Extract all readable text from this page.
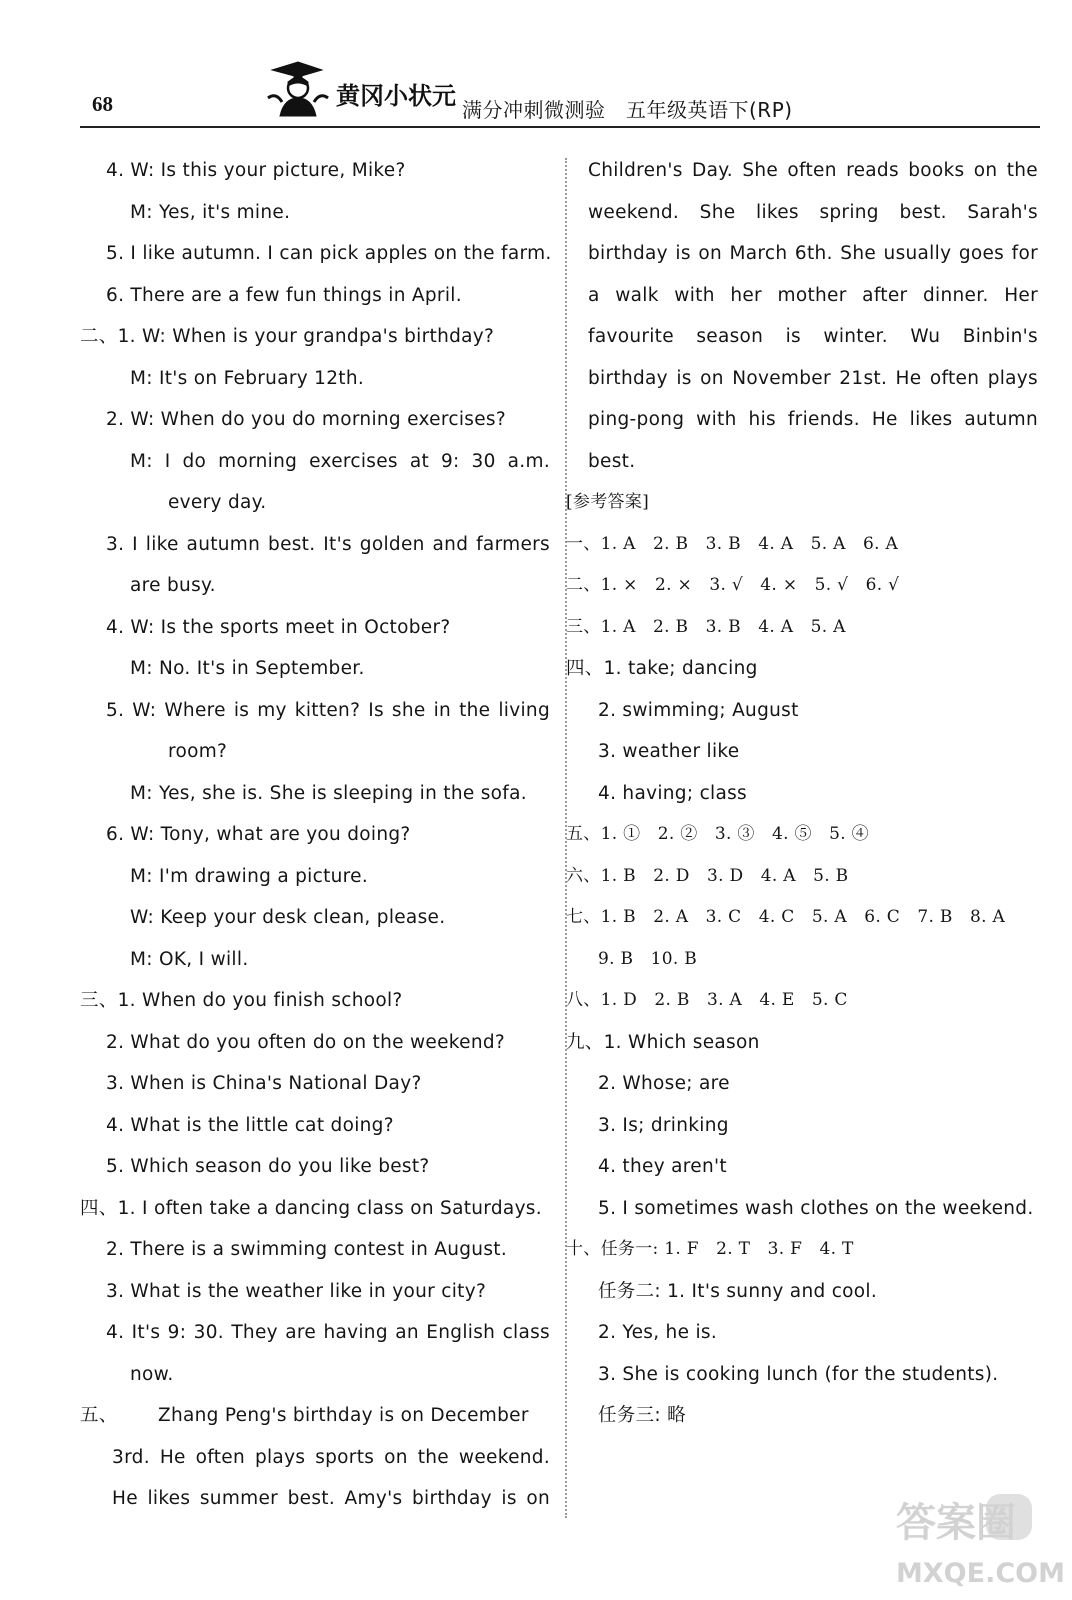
68	黄冈小状元 满分冲刺微测验　五年级英语下(RP)
4. W: Is this your picture, Mike?
M: Yes, it's mine.
5. I like autumn. I can pick apples on the farm.
6. There are a few fun things in April.
二、1. W: When is your grandpa's birthday?
M: It's on February 12th.
2. W: When do you do morning exercises?
M: I do morning exercises at 9: 30 a.m.
every day.
3. I like autumn best. It's golden and farmers
are busy.
4. W: Is the sports meet in October?
M: No. It's in September.
5. W: Where is my kitten? Is she in the living
room?
M: Yes, she is. She is sleeping in the sofa.
6. W: Tony, what are you doing?
M: I'm drawing a picture.
W: Keep your desk clean, please.
M: OK, I will.
三、1. When do you finish school?
2. What do you often do on the weekend?
3. When is China's National Day?
4. What is the little cat doing?
5. Which season do you like best?
四、1. I often take a dancing class on Saturdays.
2. There is a swimming contest in August.
3. What is the weather like in your city?
4. It's 9: 30. They are having an English class
now.
五、 Zhang Peng's birthday is on December
3rd. He often plays sports on the weekend.
He likes summer best. Amy's birthday is on
Children's Day. She often reads books on the
weekend. She likes spring best. Sarah's
birthday is on March 6th. She usually goes for
a walk with her mother after dinner. Her
favourite season is winter. Wu Binbin's
birthday is on November 21st. He often plays
ping-pong with his friends. He likes autumn
best.
[参考答案]
一、1. A　2. B　3. B　4. A　5. A　6. A
二、1. ×　2. ×　3. √　4. ×　5. √　6. √
三、1. A　2. B　3. B　4. A　5. A
四、1. take; dancing
2. swimming; August
3. weather like
4. having; class
五、1. ①　2. ②　3. ③　4. ⑤　5. ④
六、1. B　2. D　3. D　4. A　5. B
七、1. B　2. A　3. C　4. C　5. A　6. C　7. B　8. A
9. B　10. B
八、1. D　2. B　3. A　4. E　5. C
九、1. Which season
2. Whose; are
3. Is; drinking
4. they aren't
5. I sometimes wash clothes on the weekend.
十、任务一: 1. F　2. T　3. F　4. T
任务二: 1. It's sunny and cool.
2. Yes, he is.
3. She is cooking lunch (for the students).
任务三: 略
答案圈
MXQE.COM
